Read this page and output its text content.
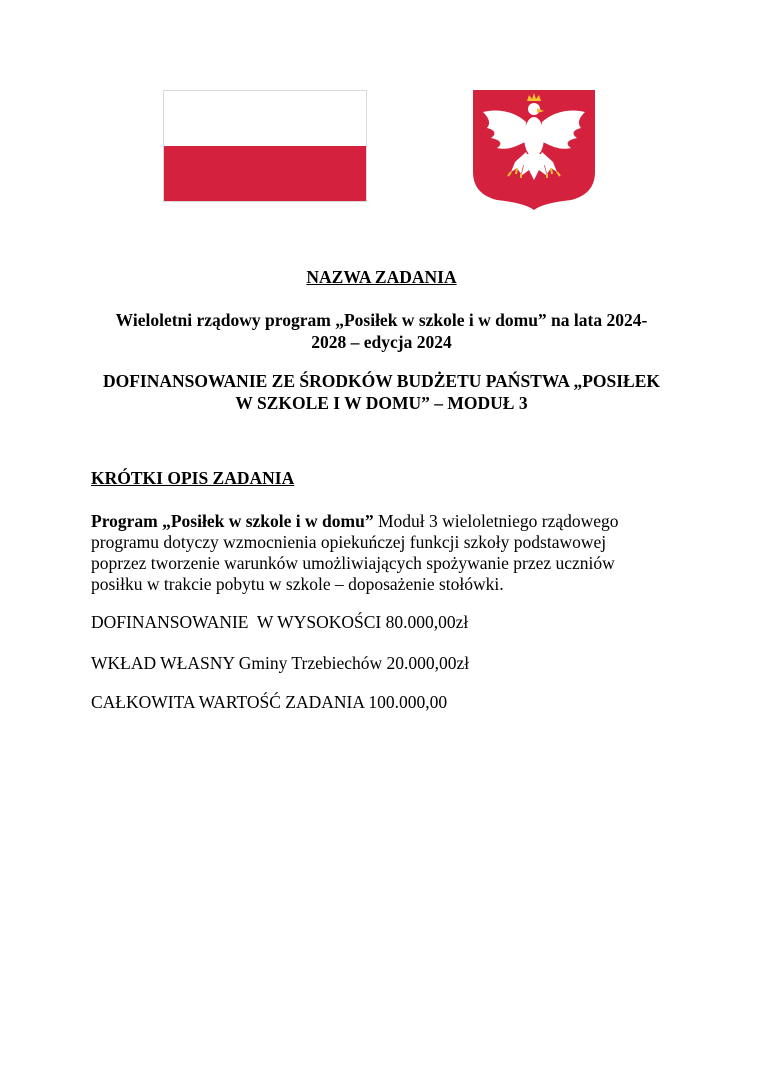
NAZWA ZADANIA
Wieloletni rządowy program „Posiłek w szkole i w domu” na lata 2024-
2028 – edycja 2024
DOFINANSOWANIE ZE ŚRODKÓW BUDŻETU PAŃSTWA „POSIŁEK
W SZKOLE I W DOMU” – MODUŁ 3
KRÓTKI OPIS ZADANIA
Program „Posiłek w szkole i w domu” Moduł 3 wieloletniego rządowego
programu dotyczy wzmocnienia opiekuńczej funkcji szkoły podstawowej
poprzez tworzenie warunków umożliwiających spożywanie przez uczniów
posiłku w trakcie pobytu w szkole – doposażenie stołówki.
DOFINANSOWANIE  W WYSOKOŚCI 80.000,00zł
WKŁAD WŁASNY Gminy Trzebiechów 20.000,00zł
CAŁKOWITA WARTOŚĆ ZADANIA 100.000,00
